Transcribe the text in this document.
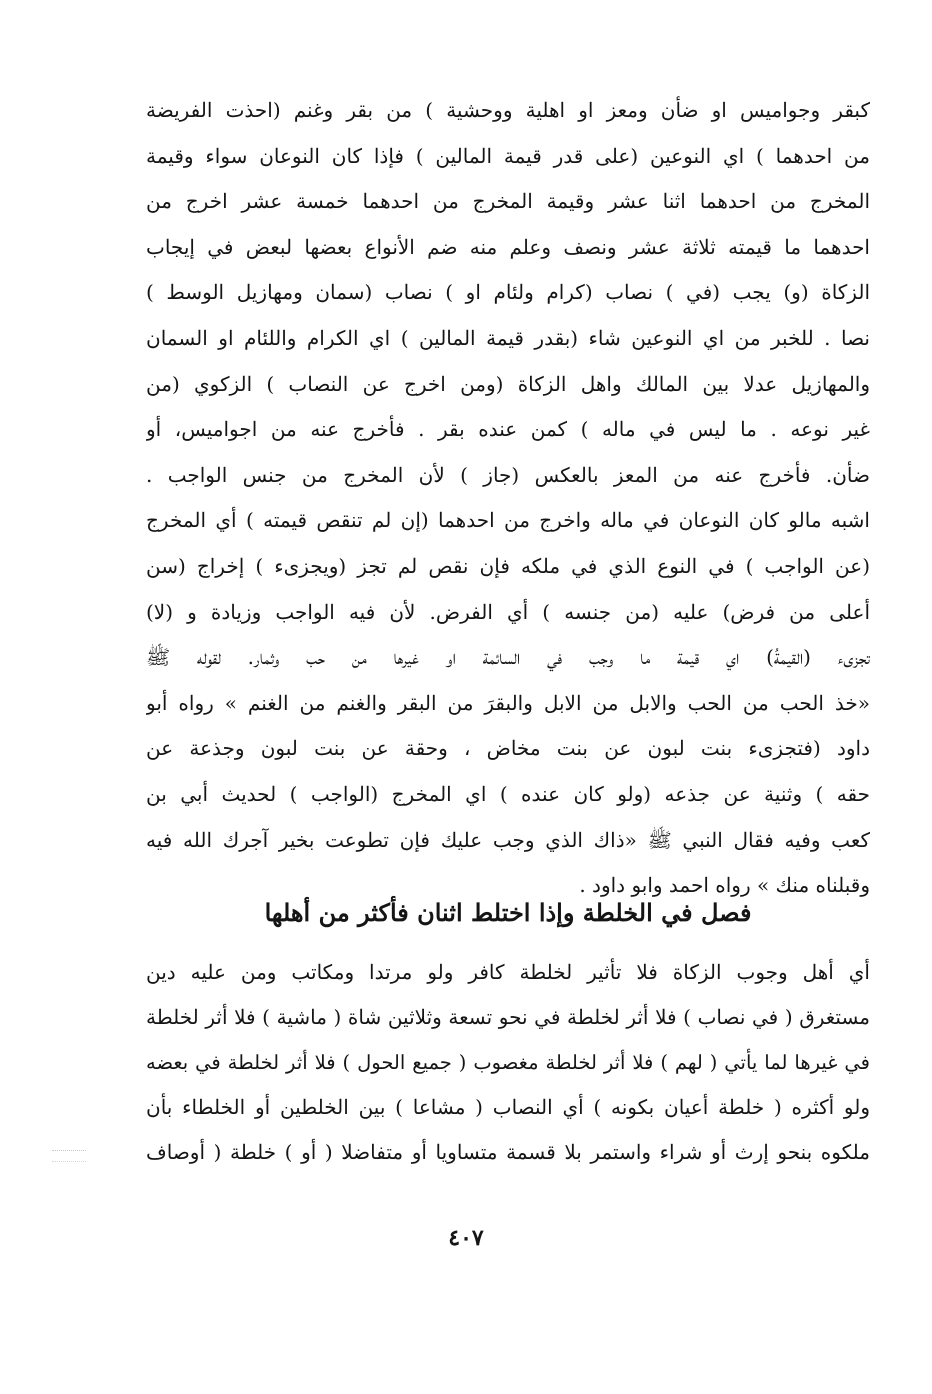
كبقر وجواميس او ضأن ومعز او اهلية ووحشية ) من بقر وغنم (احذت الفريضة
من احدهما ) اي النوعين (على قدر قيمة المالين ) فإذا كان النوعان سواء وقيمة
المخرج من احدهما اثنا عشر وقيمة المخرج من احدهما خمسة عشر اخرج من
احدهما ما قيمته ثلاثة عشر ونصف وعلم منه ضم الأنواع بعضها لبعض في إيجاب
الزكاة (و) يجب (في ) نصاب (كرام ولئام او ) نصاب (سمان ومهازيل الوسط )
نصا . للخبر من اي النوعين شاء (بقدر قيمة المالين ) اي الكرام واللئام او السمان
والمهازيل عدلا بين المالك واهل الزكاة (ومن اخرج عن النصاب ) الزكوي (من
غير نوعه . ما ليس في ماله ) كمن عنده بقر . فأخرج عنه من اجواميس، أو
ضأن. فأخرج عنه من المعز بالعكس (جاز ) لأن المخرج من جنس الواجب .
اشبه مالو كان النوعان في ماله واخرج من احدهما (إن لم تنقص قيمته ) أي المخرج
(عن الواجب ) في النوع الذي في ملكه فإن نقص لم تجز (ويجزىء ) إخراج (سن
أعلى من فرض) عليه (من جنسه ) أي الفرض. لأن فيه الواجب وزيادة و (لا)
تجزىء (القيمةُ) اي قيمة ما وجب في السائمة او غيرها من حب وثمار. لقوله ﷺ
«خذ الحب من الحب والابل من الابل والبقرَ من البقر والغنم من الغنم » رواه أبو
داود (فتجزىء بنت لبون عن بنت مخاض ، وحقة عن بنت لبون وجذعة عن
حقه ) وثنية عن جذعه (ولو كان عنده ) اي المخرج (الواجب ) لحديث أبي بن
كعب وفيه فقال النبي ﷺ «ذاك الذي وجب عليك فإن تطوعت بخير آجرك الله فيه
وقبلناه منك » رواه احمد وابو داود .
فصل في الخلطة وإذا اختلط اثنان فأكثر من أهلها
أي أهل وجوب الزكاة فلا تأثير لخلطة كافر ولو مرتدا ومكاتب ومن عليه دين
مستغرق ( في نصاب ) فلا أثر لخلطة في نحو تسعة وثلاثين شاة ( ماشية ) فلا أثر لخلطة
في غيرها لما يأتي ( لهم ) فلا أثر لخلطة مغصوب ( جميع الحول ) فلا أثر لخلطة في بعضه
ولو أكثره ( خلطة أعيان بكونه ) أي النصاب ( مشاعا ) بين الخلطين أو الخلطاء بأن
ملكوه بنحو إرث أو شراء واستمر بلا قسمة متساويا أو متفاضلا ( أو ) خلطة ( أوصاف
٤٠٧
